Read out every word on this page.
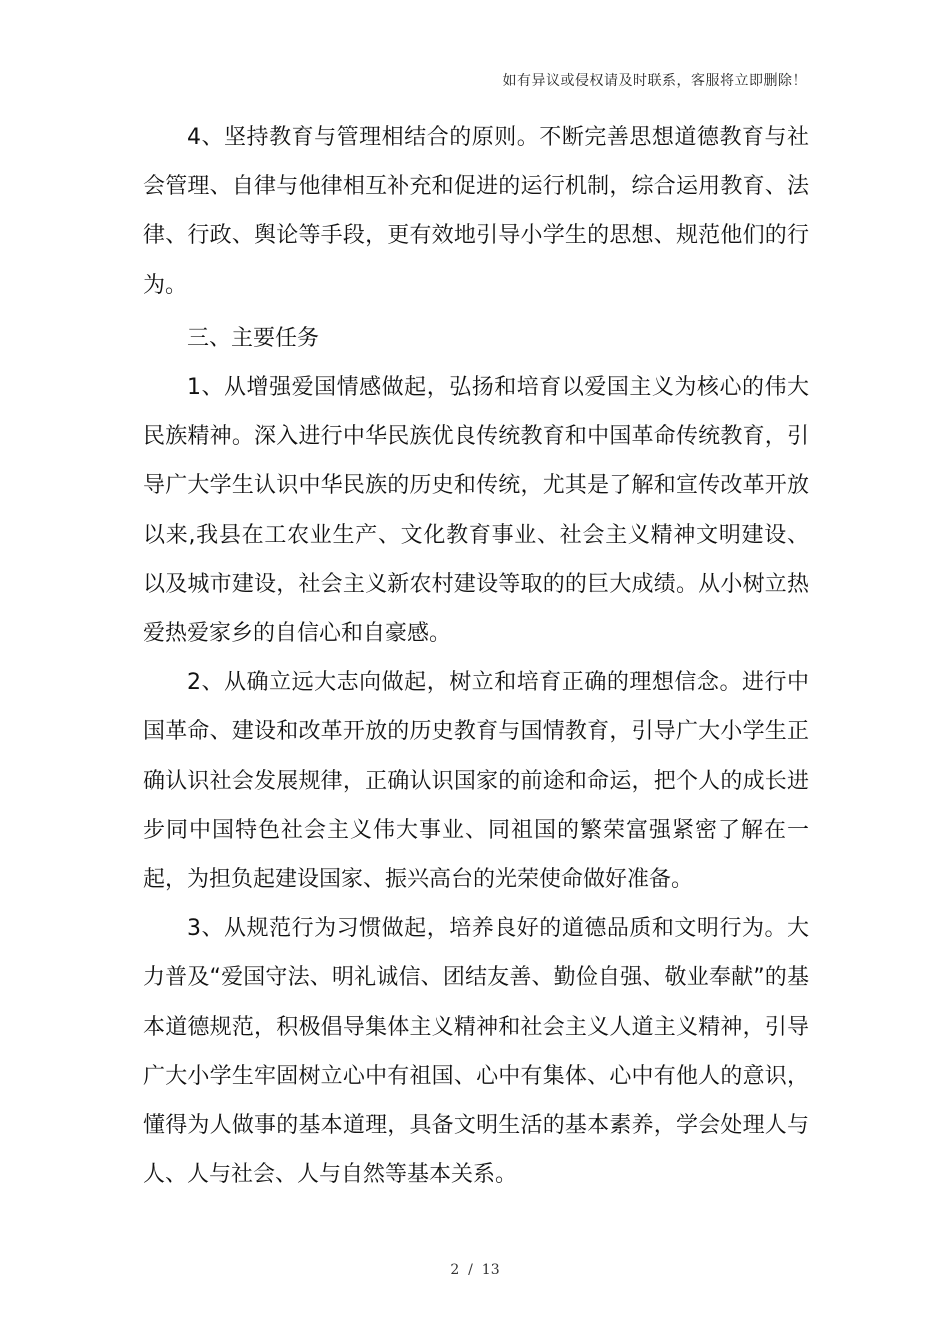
如有异议或侵权请及时联系，客服将立即删除！

4、坚持教育与管理相结合的原则。不断完善思想道德教育与社会管理、自律与他律相互补充和促进的运行机制，综合运用教育、法律、行政、舆论等手段，更有效地引导小学生的思想、规范他们的行为。

三、主要任务

1、从增强爱国情感做起，弘扬和培育以爱国主义为核心的伟大民族精神。深入进行中华民族优良传统教育和中国革命传统教育，引导广大学生认识中华民族的历史和传统，尤其是了解和宣传改革开放以来,我县在工农业生产、文化教育事业、社会主义精神文明建设、以及城市建设，社会主义新农村建设等取的的巨大成绩。从小树立热爱热爱家乡的自信心和自豪感。

2、从确立远大志向做起，树立和培育正确的理想信念。进行中国革命、建设和改革开放的历史教育与国情教育，引导广大小学生正确认识社会发展规律，正确认识国家的前途和命运，把个人的成长进步同中国特色社会主义伟大事业、同祖国的繁荣富强紧密了解在一起，为担负起建设国家、振兴高台的光荣使命做好准备。

3、从规范行为习惯做起，培养良好的道德品质和文明行为。大力普及“爱国守法、明礼诚信、团结友善、勤俭自强、敬业奉献”的基本道德规范，积极倡导集体主义精神和社会主义人道主义精神，引导广大小学生牢固树立心中有祖国、心中有集体、心中有他人的意识，懂得为人做事的基本道理，具备文明生活的基本素养，学会处理人与人、人与社会、人与自然等基本关系。

2  /  13
